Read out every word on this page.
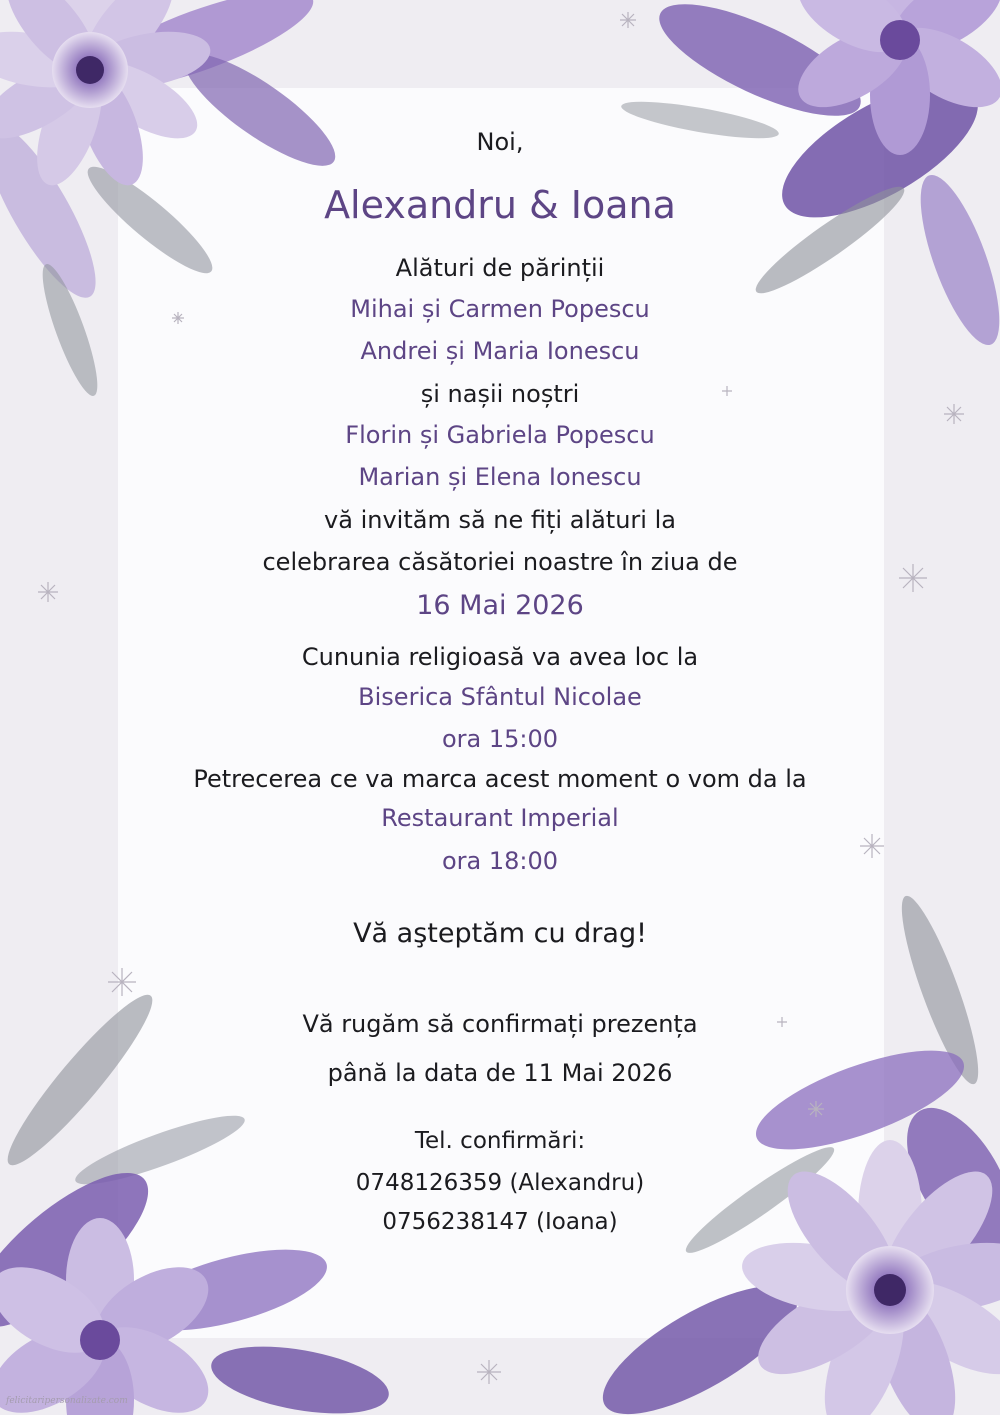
Noi,
Alexandru & Ioana
Alături de părinții
Mihai și Carmen Popescu
Andrei și Maria Ionescu
și nașii noștri
Florin și Gabriela Popescu
Marian și Elena Ionescu
vă invităm să ne fiți alături la
celebrarea căsătoriei noastre în ziua de
16 Mai 2026
Cununia religioasă va avea loc la
Biserica Sfântul Nicolae
ora 15:00
Petrecerea ce va marca acest moment o vom da la
Restaurant Imperial
ora 18:00
Vă aşteptăm cu drag!
Vă rugăm să confirmați prezența
până la data de 11 Mai 2026
Tel. confirmări:
0748126359 (Alexandru)
0756238147 (Ioana)
felicitaripersonalizate.com
